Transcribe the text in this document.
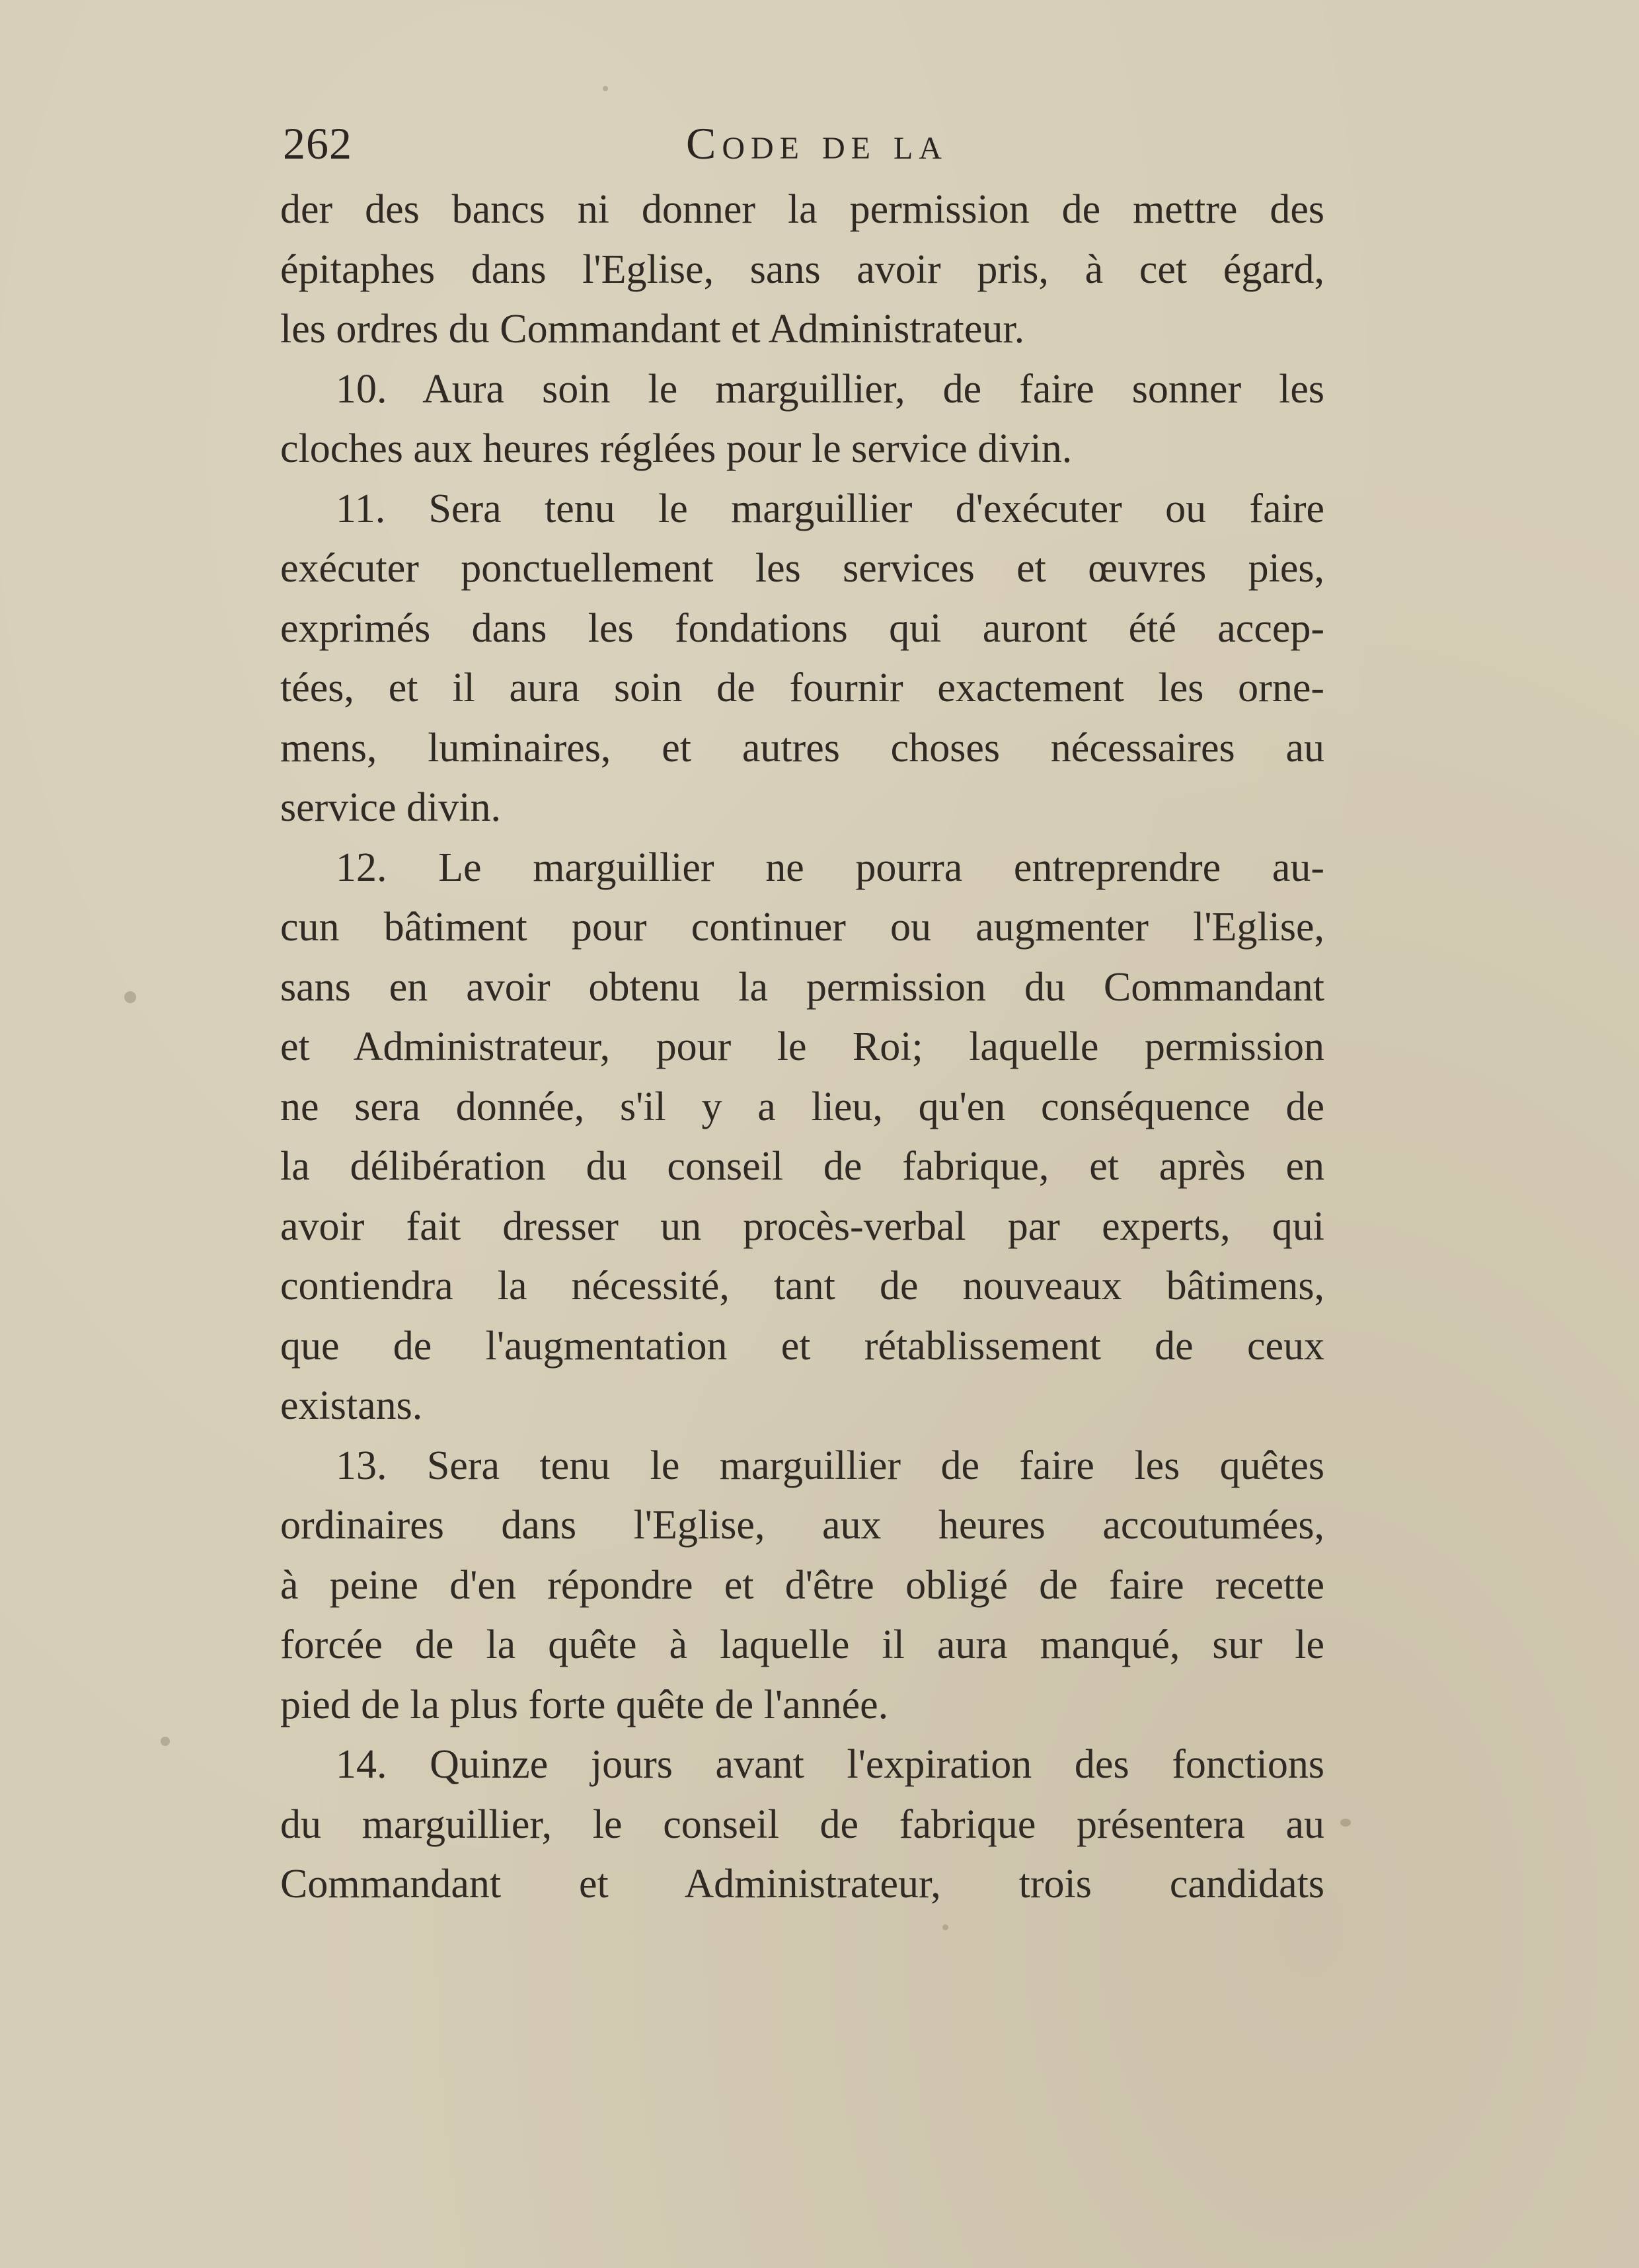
262	Code de la
der des bancs ni donner la permission de mettre des
épitaphes dans l'Eglise, sans avoir pris, à cet égard,
les ordres du Commandant et Administrateur.
10. Aura soin le marguillier, de faire sonner les
cloches aux heures réglées pour le service divin.
11. Sera tenu le marguillier d'exécuter ou faire
exécuter ponctuellement les services et œuvres pies,
exprimés dans les fondations qui auront été accep-
tées, et il aura soin de fournir exactement les orne-
mens, luminaires, et autres choses nécessaires au
service divin.
12. Le marguillier ne pourra entreprendre au-
cun bâtiment pour continuer ou augmenter l'Eglise,
sans en avoir obtenu la permission du Commandant
et Administrateur, pour le Roi; laquelle permission
ne sera donnée, s'il y a lieu, qu'en conséquence de
la délibération du conseil de fabrique, et après en
avoir fait dresser un procès-verbal par experts, qui
contiendra la nécessité, tant de nouveaux bâtimens,
que de l'augmentation et rétablissement de ceux
existans.
13. Sera tenu le marguillier de faire les quêtes
ordinaires dans l'Eglise, aux heures accoutumées,
à peine d'en répondre et d'être obligé de faire recette
forcée de la quête à laquelle il aura manqué, sur le
pied de la plus forte quête de l'année.
14. Quinze jours avant l'expiration des fonctions
du marguillier, le conseil de fabrique présentera au
Commandant et Administrateur, trois candidats
